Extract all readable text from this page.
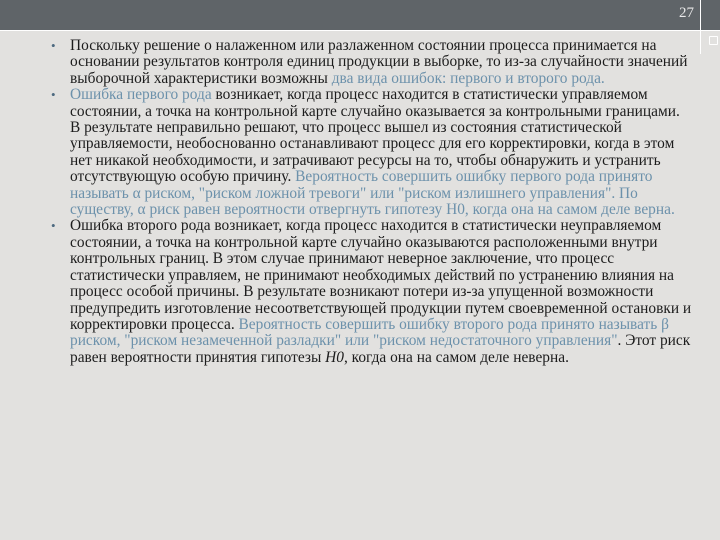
27

• Поскольку решение о налаженном или разлаженном состоянии процесса принимается на основании результатов контроля единиц продукции в выборке, то из-за случайности значений выборочной характеристики возможны два вида ошибок: первого и второго рода.

• Ошибка первого рода возникает, когда процесс находится в статистически управляемом состоянии, а точка на контрольной карте случайно оказывается за контрольными границами. В результате неправильно решают, что процесс вышел из состояния статистической управляемости, необоснованно останавливают процесс для его корректировки, когда в этом нет никакой необходимости, и затрачивают ресурсы на то, чтобы обнаружить и устранить отсутствующую особую причину. Вероятность совершить ошибку первого рода принято называть α риском, "риском ложной тревоги" или "риском излишнего управления". По существу, α риск равен вероятности отвергнуть гипотезу H0, когда она на самом деле верна.

• Ошибка второго рода возникает, когда процесс находится в статистически неуправляемом состоянии, а точка на контрольной карте случайно оказываются расположенными внутри контрольных границ. В этом случае принимают неверное заключение, что процесс статистически управляем, не принимают необходимых действий по устранению влияния на процесс особой причины. В результате возникают потери из-за упущенной возможности предупредить изготовление несоответствующей продукции путем своевременной остановки и корректировки процесса. Вероятность совершить ошибку второго рода принято называть β риском, "риском незамеченной разладки" или "риском недостаточного управления". Этот риск равен вероятности принятия гипотезы H0, когда она на самом деле неверна.
